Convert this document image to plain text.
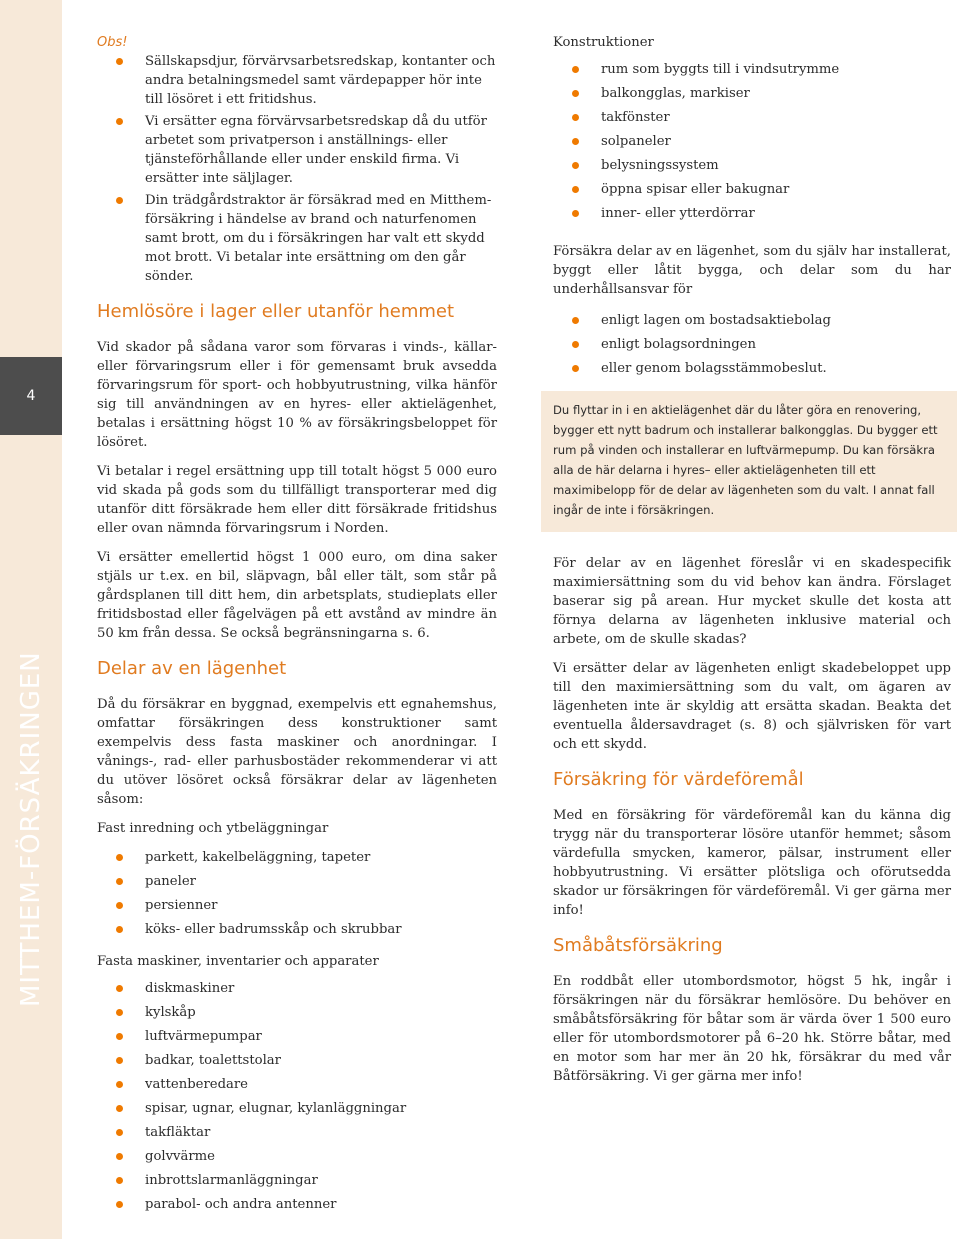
4
MITTHEM-FÖRSÄKRINGEN

Obs!

Sällskapsdjur, förvärvsarbetsredskap, kontanter och andra betalningsmedel samt värdepapper hör inte till lösöret i ett fritidshus.
Vi ersätter egna förvärvsarbetsredskap då du utför arbetet som privatperson i anställnings- eller tjänsteförhållande eller under enskild firma. Vi ersätter inte säljlager.
Din trädgårdstraktor är försäkrad med en Mitthem-försäkring i händelse av brand och naturfenomen samt brott, om du i försäkringen har valt ett skydd mot brott. Vi betalar inte ersättning om den går sönder.
Hemlösöre i lager eller utanför hemmet

Vid skador på sådana varor som förvaras i vinds-, källar- eller förvaringsrum eller i för gemensamt bruk avsedda förvaringsrum för sport- och hobbyutrustning, vilka hänför sig till användningen av en hyres- eller aktielägenhet, betalas i ersättning högst 10 % av försäkringsbeloppet för lösöret.

Vi betalar i regel ersättning upp till totalt högst 5 000 euro vid skada på gods som du tillfälligt transporterar med dig utanför ditt försäkrade hem eller ditt försäkrade fritidshus eller ovan nämnda förvaringsrum i Norden.

Vi ersätter emellertid högst 1 000 euro, om dina saker stjäls ur t.ex. en bil, släpvagn, bål eller tält, som står på gårdsplanen till ditt hem, din arbetsplats, studieplats eller fritidsbostad eller fågelvägen på ett avstånd av mindre än 50 km från dessa. Se också begränsningarna s. 6.

Delar av en lägenhet

Då du försäkrar en byggnad, exempelvis ett egnahemshus, omfattar försäkringen dess konstruktioner samt exempelvis dess fasta maskiner och anordningar. I vånings-, rad- eller parhusbostäder rekommenderar vi att du utöver lösöret också försäkrar delar av lägenheten såsom:

Fast inredning och ytbeläggningar

parkett, kakelbeläggning, tapeter
paneler
persienner
köks- eller badrumsskåp och skrubbar

Fasta maskiner, inventarier och apparater

diskmaskiner
kylskåp
luftvärmepumpar
badkar, toalettstolar
vattenberedare
spisar, ugnar, elugnar, kylanläggningar
takfläktar
golvvärme
inbrottslarmanläggningar
parabol- och andra antenner

Konstruktioner

rum som byggts till i vindsutrymme
balkongglas, markiser
takfönster
solpaneler
belysningssystem
öppna spisar eller bakugnar
inner- eller ytterdörrar

Försäkra delar av en lägenhet, som du själv har installerat, byggt eller låtit bygga, och delar som du har underhållsansvar för

enligt lagen om bostadsaktiebolag
enligt bolagsordningen
eller genom bolagsstämmobeslut.
Du flyttar in i en aktielägenhet där du låter göra en renovering, bygger ett nytt badrum och installerar balkongglas. Du bygger ett rum på vinden och installerar en luftvärmepump. Du kan försäkra alla de här delarna i hyres– eller aktielägenheten till ett maximibelopp för de delar av lägenheten som du valt. I annat fall ingår de inte i försäkringen.

För delar av en lägenhet föreslår vi en skadespecifik maximiersättning som du vid behov kan ändra. Förslaget baserar sig på arean. Hur mycket skulle det kosta att förnya delarna av lägenheten inklusive material och arbete, om de skulle skadas?

Vi ersätter delar av lägenheten enligt skadebeloppet upp till den maximiersättning som du valt, om ägaren av lägenheten inte är skyldig att ersätta skadan. Beakta det eventuella åldersavdraget (s. 8) och självrisken för vart och ett skydd.

Försäkring för värdeföremål

Med en försäkring för värdeföremål kan du känna dig trygg när du transporterar lösöre utanför hemmet; såsom värdefulla smycken, kameror, pälsar, instrument eller hobbyutrustning. Vi ersätter plötsliga och oförutsedda skador ur försäkringen för värdeföremål. Vi ger gärna mer info!

Småbåtsförsäkring

En roddbåt eller utombordsmotor, högst 5 hk, ingår i försäkringen när du försäkrar hemlösöre. Du behöver en småbåtsförsäkring för båtar som är värda över 1 500 euro eller för utombordsmotorer på 6–20 hk. Större båtar, med en motor som har mer än 20 hk, försäkrar du med vår Båtförsäkring. Vi ger gärna mer info!
